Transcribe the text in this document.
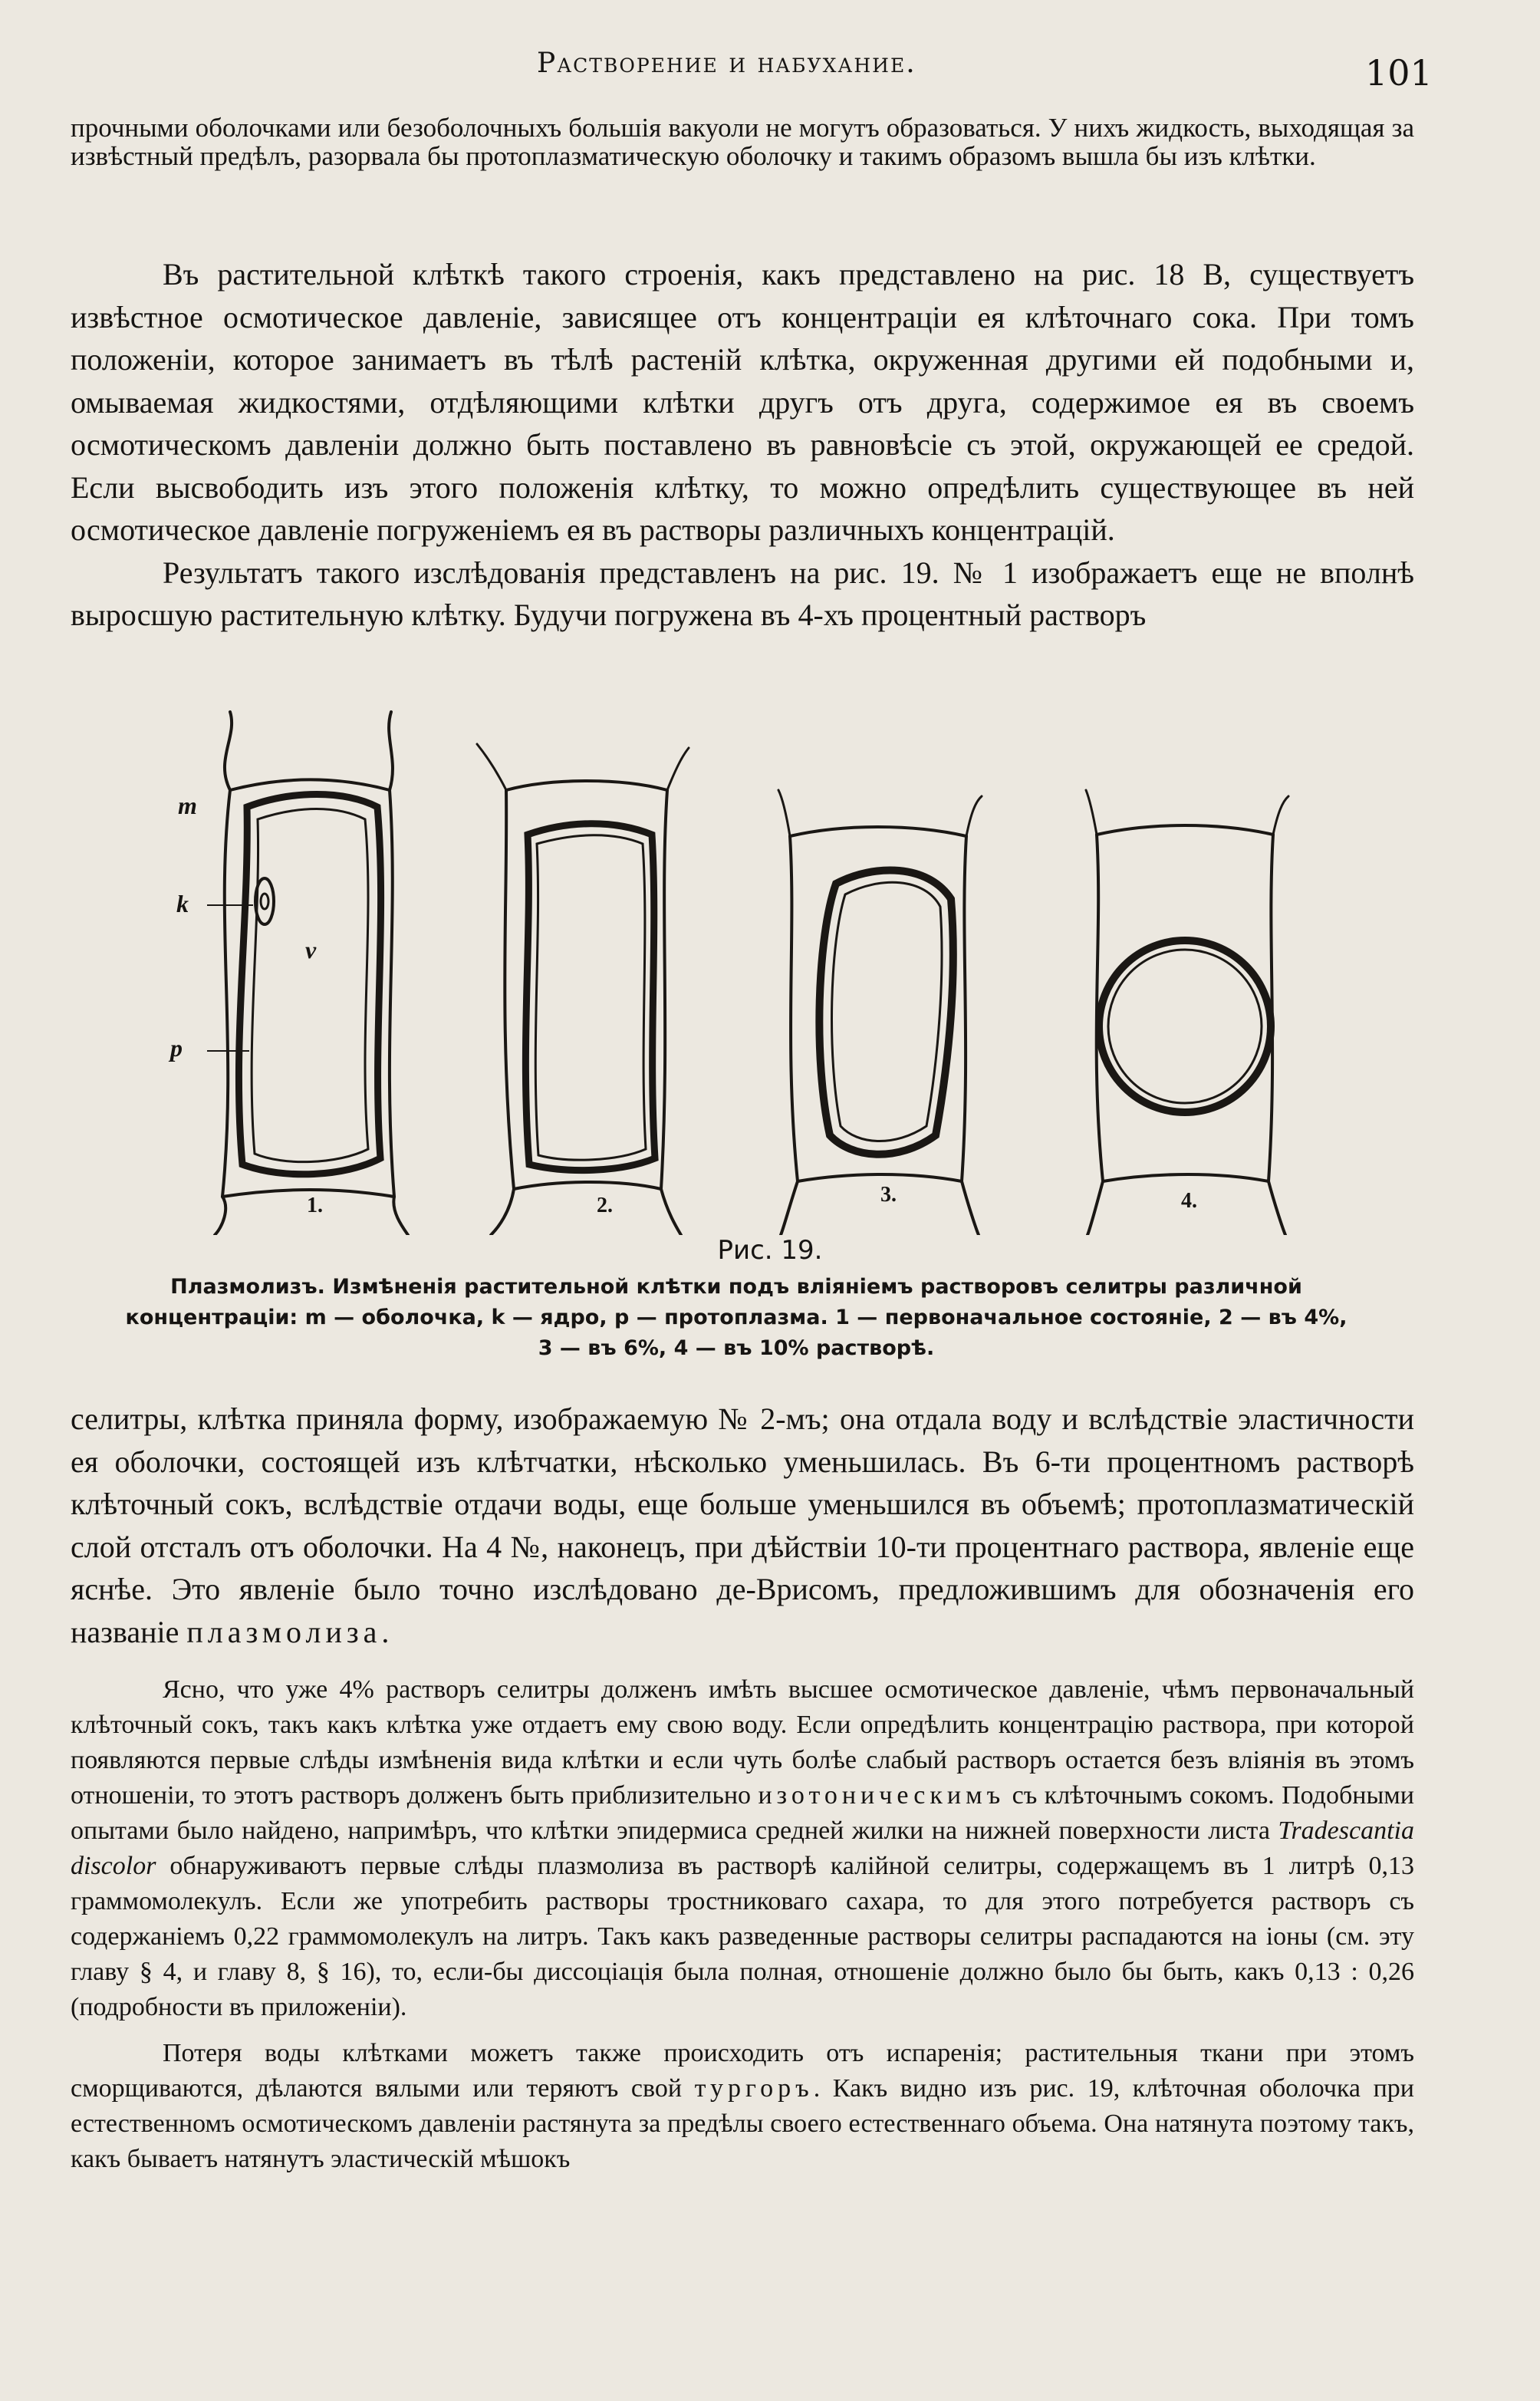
Растворение и набухание.	101

прочными оболочками или безоболочныхъ большія вакуоли не могутъ образоваться. У нихъ жидкость, выходящая за извѣстный предѣлъ, разорвала бы протоплазматическую оболочку и такимъ образомъ вышла бы изъ клѣтки.

Въ растительной клѣткѣ такого строенія, какъ представлено на рис. 18 В, существуетъ извѣстное осмотическое давленіе, зависящее отъ концентраціи ея клѣточнаго сока. При томъ положеніи, которое занимаетъ въ тѣлѣ растеній клѣтка, окруженная другими ей подобными и, омываемая жидкостями, отдѣляющими клѣтки другъ отъ друга, содержимое ея въ своемъ осмотическомъ давленіи должно быть поставлено въ равновѣсіе съ этой, окружающей ее средой. Если высвободить изъ этого положенія клѣтку, то можно опредѣлить существующее въ ней осмотическое давленіе погруженіемъ ея въ растворы различныхъ концентрацій.

Результатъ такого изслѣдованія представленъ на рис. 19. № 1 изображаетъ еще не вполнѣ выросшую растительную клѣтку. Будучи погружена въ 4-хъ процентный растворъ

m
k
v
p
1.	2.	3.	4.
Рис. 19.
Плазмолизъ. Измѣненія растительной клѣтки подъ вліяніемъ растворовъ селитры различной концентраціи: m — оболочка, k — ядро, p — протоплазма. 1 — первоначальное состояніе, 2 — въ 4%, 3 — въ 6%, 4 — въ 10% растворѣ.

селитры, клѣтка приняла форму, изображаемую № 2-мъ; она отдала воду и вслѣдствіе эластичности ея оболочки, состоящей изъ клѣтчатки, нѣсколько уменьшилась. Въ 6-ти процентномъ растворѣ клѣточный сокъ, вслѣдствіе отдачи воды, еще больше уменьшился въ объемѣ; протоплазматическій слой отсталъ отъ оболочки. На 4 №, наконецъ, при дѣйствіи 10-ти процентнаго раствора, явленіе еще яснѣе. Это явленіе было точно изслѣдовано де-Врисомъ, предложившимъ для обозначенія его названіе плазмолиза.

Ясно, что уже 4% растворъ селитры долженъ имѣть высшее осмотическое давленіе, чѣмъ первоначальный клѣточный сокъ, такъ какъ клѣтка уже отдаетъ ему свою воду. Если опредѣлить концентрацію раствора, при которой появляются первые слѣды измѣненія вида клѣтки и если чуть болѣе слабый растворъ остается безъ вліянія въ этомъ отношеніи, то этотъ растворъ долженъ быть приблизительно изотоническимъ съ клѣточнымъ сокомъ. Подобными опытами было найдено, напримѣръ, что клѣтки эпидермиса средней жилки на нижней поверхности листа Tradescantia discolor обнаруживаютъ первые слѣды плазмолиза въ растворѣ калійной селитры, содержащемъ въ 1 литрѣ 0,13 граммомолекулъ. Если же употребить растворы тростниковаго сахара, то для этого потребуется растворъ съ содержаніемъ 0,22 граммомолекулъ на литръ. Такъ какъ разведенные растворы селитры распадаются на іоны (см. эту главу § 4, и главу 8, § 16), то, если-бы диссоціація была полная, отношеніе должно было бы быть, какъ 0,13 : 0,26 (подробности въ приложеніи).

Потеря воды клѣтками можетъ также происходить отъ испаренія; растительныя ткани при этомъ сморщиваются, дѣлаются вялыми или теряютъ свой тургоръ. Какъ видно изъ рис. 19, клѣточная оболочка при естественномъ осмотическомъ давленіи растянута за предѣлы своего естественнаго объема. Она натянута поэтому такъ, какъ бываетъ натянутъ эластическій мѣшокъ
